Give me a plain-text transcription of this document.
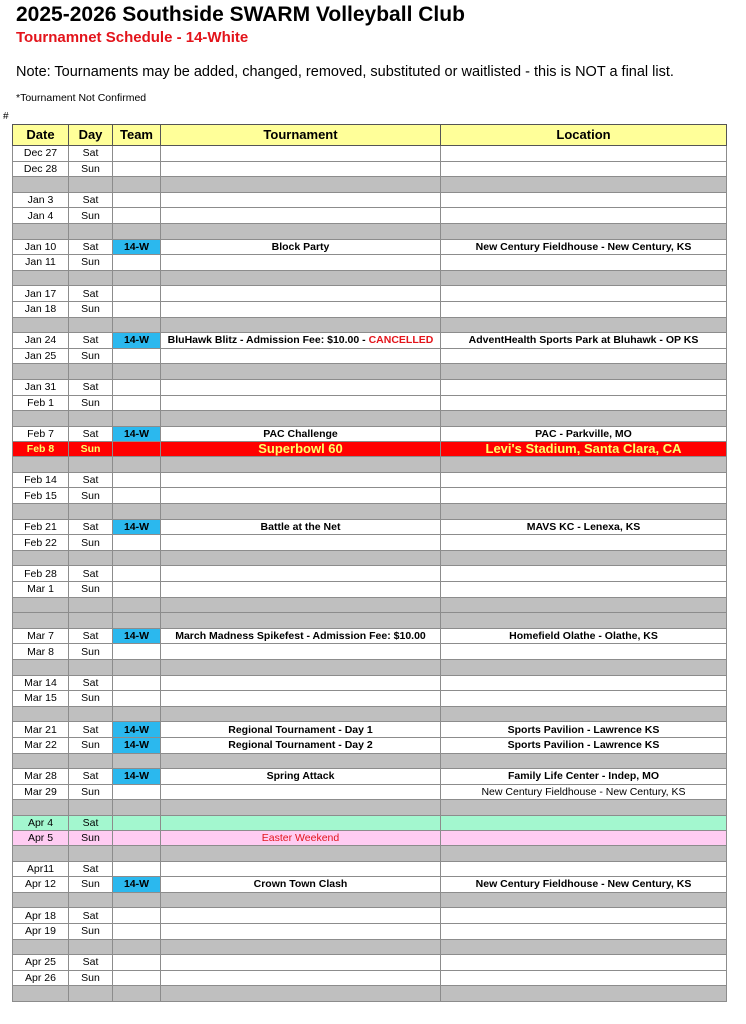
2025-2026 Southside SWARM Volleyball Club
Tournamnet Schedule - 14-White
Note: Tournaments may be added, changed, removed, substituted or waitlisted - this is NOT a final list.
*Tournament Not Confirmed
#
Date	Day	Team	Tournament	Location
Dec 27	Sat			
Dec 28	Sun			

Jan 3	Sat			
Jan 4	Sun			

Jan 10	Sat	14-W	Block Party	New Century Fieldhouse - New Century, KS
Jan 11	Sun			

Jan 17	Sat			
Jan 18	Sun			

Jan 24	Sat	14-W	BluHawk Blitz - Admission Fee: $10.00 - CANCELLED	AdventHealth Sports Park at Bluhawk - OP KS
Jan 25	Sun			

Jan 31	Sat			
Feb 1	Sun			

Feb 7	Sat	14-W	PAC Challenge	PAC - Parkville, MO
Feb 8	Sun		Superbowl 60	Levi's Stadium, Santa Clara, CA

Feb 14	Sat			
Feb 15	Sun			

Feb 21	Sat	14-W	Battle at the Net	MAVS KC - Lenexa, KS
Feb 22	Sun			

Feb 28	Sat			
Mar 1	Sun			

Mar 7	Sat	14-W	March Madness Spikefest - Admission Fee: $10.00	Homefield Olathe - Olathe, KS
Mar 8	Sun			

Mar 14	Sat			
Mar 15	Sun			

Mar 21	Sat	14-W	Regional Tournament - Day 1	Sports Pavilion - Lawrence KS
Mar 22	Sun	14-W	Regional Tournament - Day 2	Sports Pavilion - Lawrence KS

Mar 28	Sat	14-W	Spring Attack	Family Life Center - Indep, MO
Mar 29	Sun			New Century Fieldhouse - New Century, KS

Apr 4	Sat			
Apr 5	Sun		Easter Weekend	

Apr11	Sat			
Apr 12	Sun	14-W	Crown Town Clash	New Century Fieldhouse - New Century, KS

Apr 18	Sat			
Apr 19	Sun			

Apr 25	Sat			
Apr 26	Sun			
